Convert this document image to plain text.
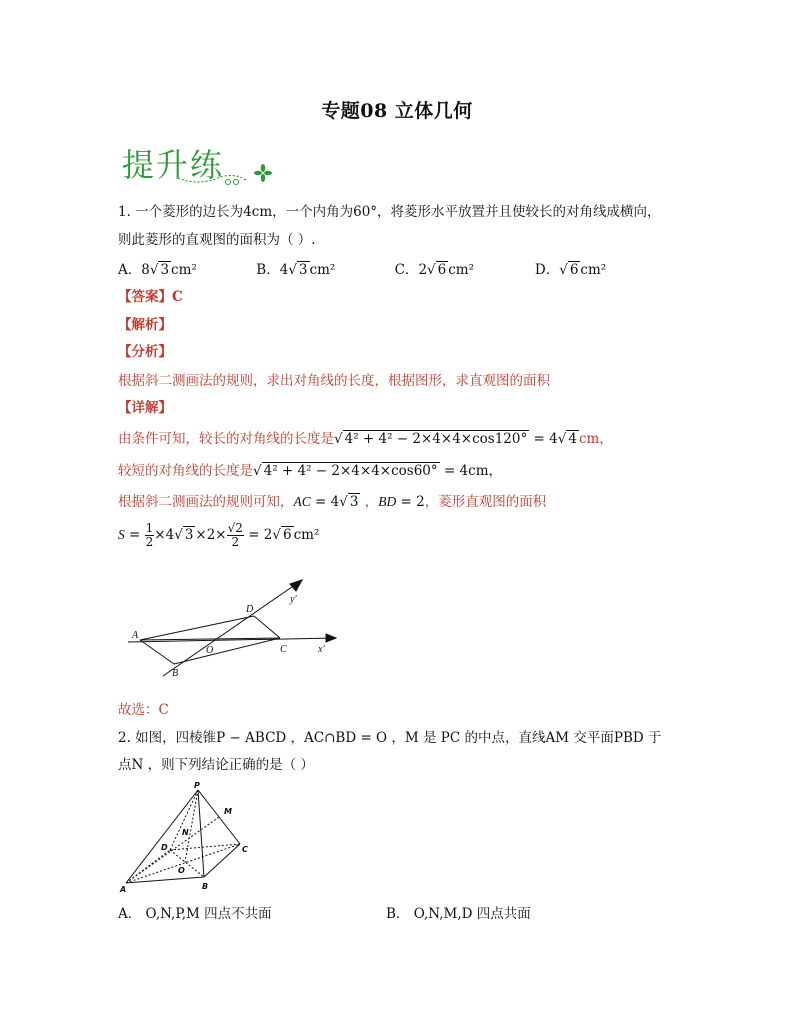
专题08 立体几何
提升练
1. 一个菱形的边长为4cm，一个内角为60°，将菱形水平放置并且使较长的对角线成横向，
则此菱形的直观图的面积为（ ）.
A．8√ 3 cm²	B．4√ 3 cm²	C．2√ 6 cm²	D．√ 6 cm²
【答案】C
【解析】
【分析】
根据斜二测画法的规则，求出对角线的长度，根据图形，求直观图的面积
【详解】
由条件可知，较长的对角线的长度是√ 4² + 4² − 2×4×4×cos120° = 4√ 4 cm，
较短的对角线的长度是√ 4² + 4² − 2×4×4×cos60° = 4cm，
根据斜二测画法的规则可知，AC = 4√ 3 ，BD = 2，菱形直观图的面积
$S = \frac{1}{2} \times 4√$ $3 \times 2\times \frac{√2}{2} = 2√$ 6 cm²
A
D
C
B
O	x′
y′
故选：C
2. 如图，四棱锥P − ABCD ，AC∩BD = O ，M 是 PC 的中点，直线AM 交平面PBD 于
点N ，则下列结论正确的是（ ）
P
M
N
D	C
O
A	B
A． O,N,P,M 四点不共面	B． O,N,M,D 四点共面
